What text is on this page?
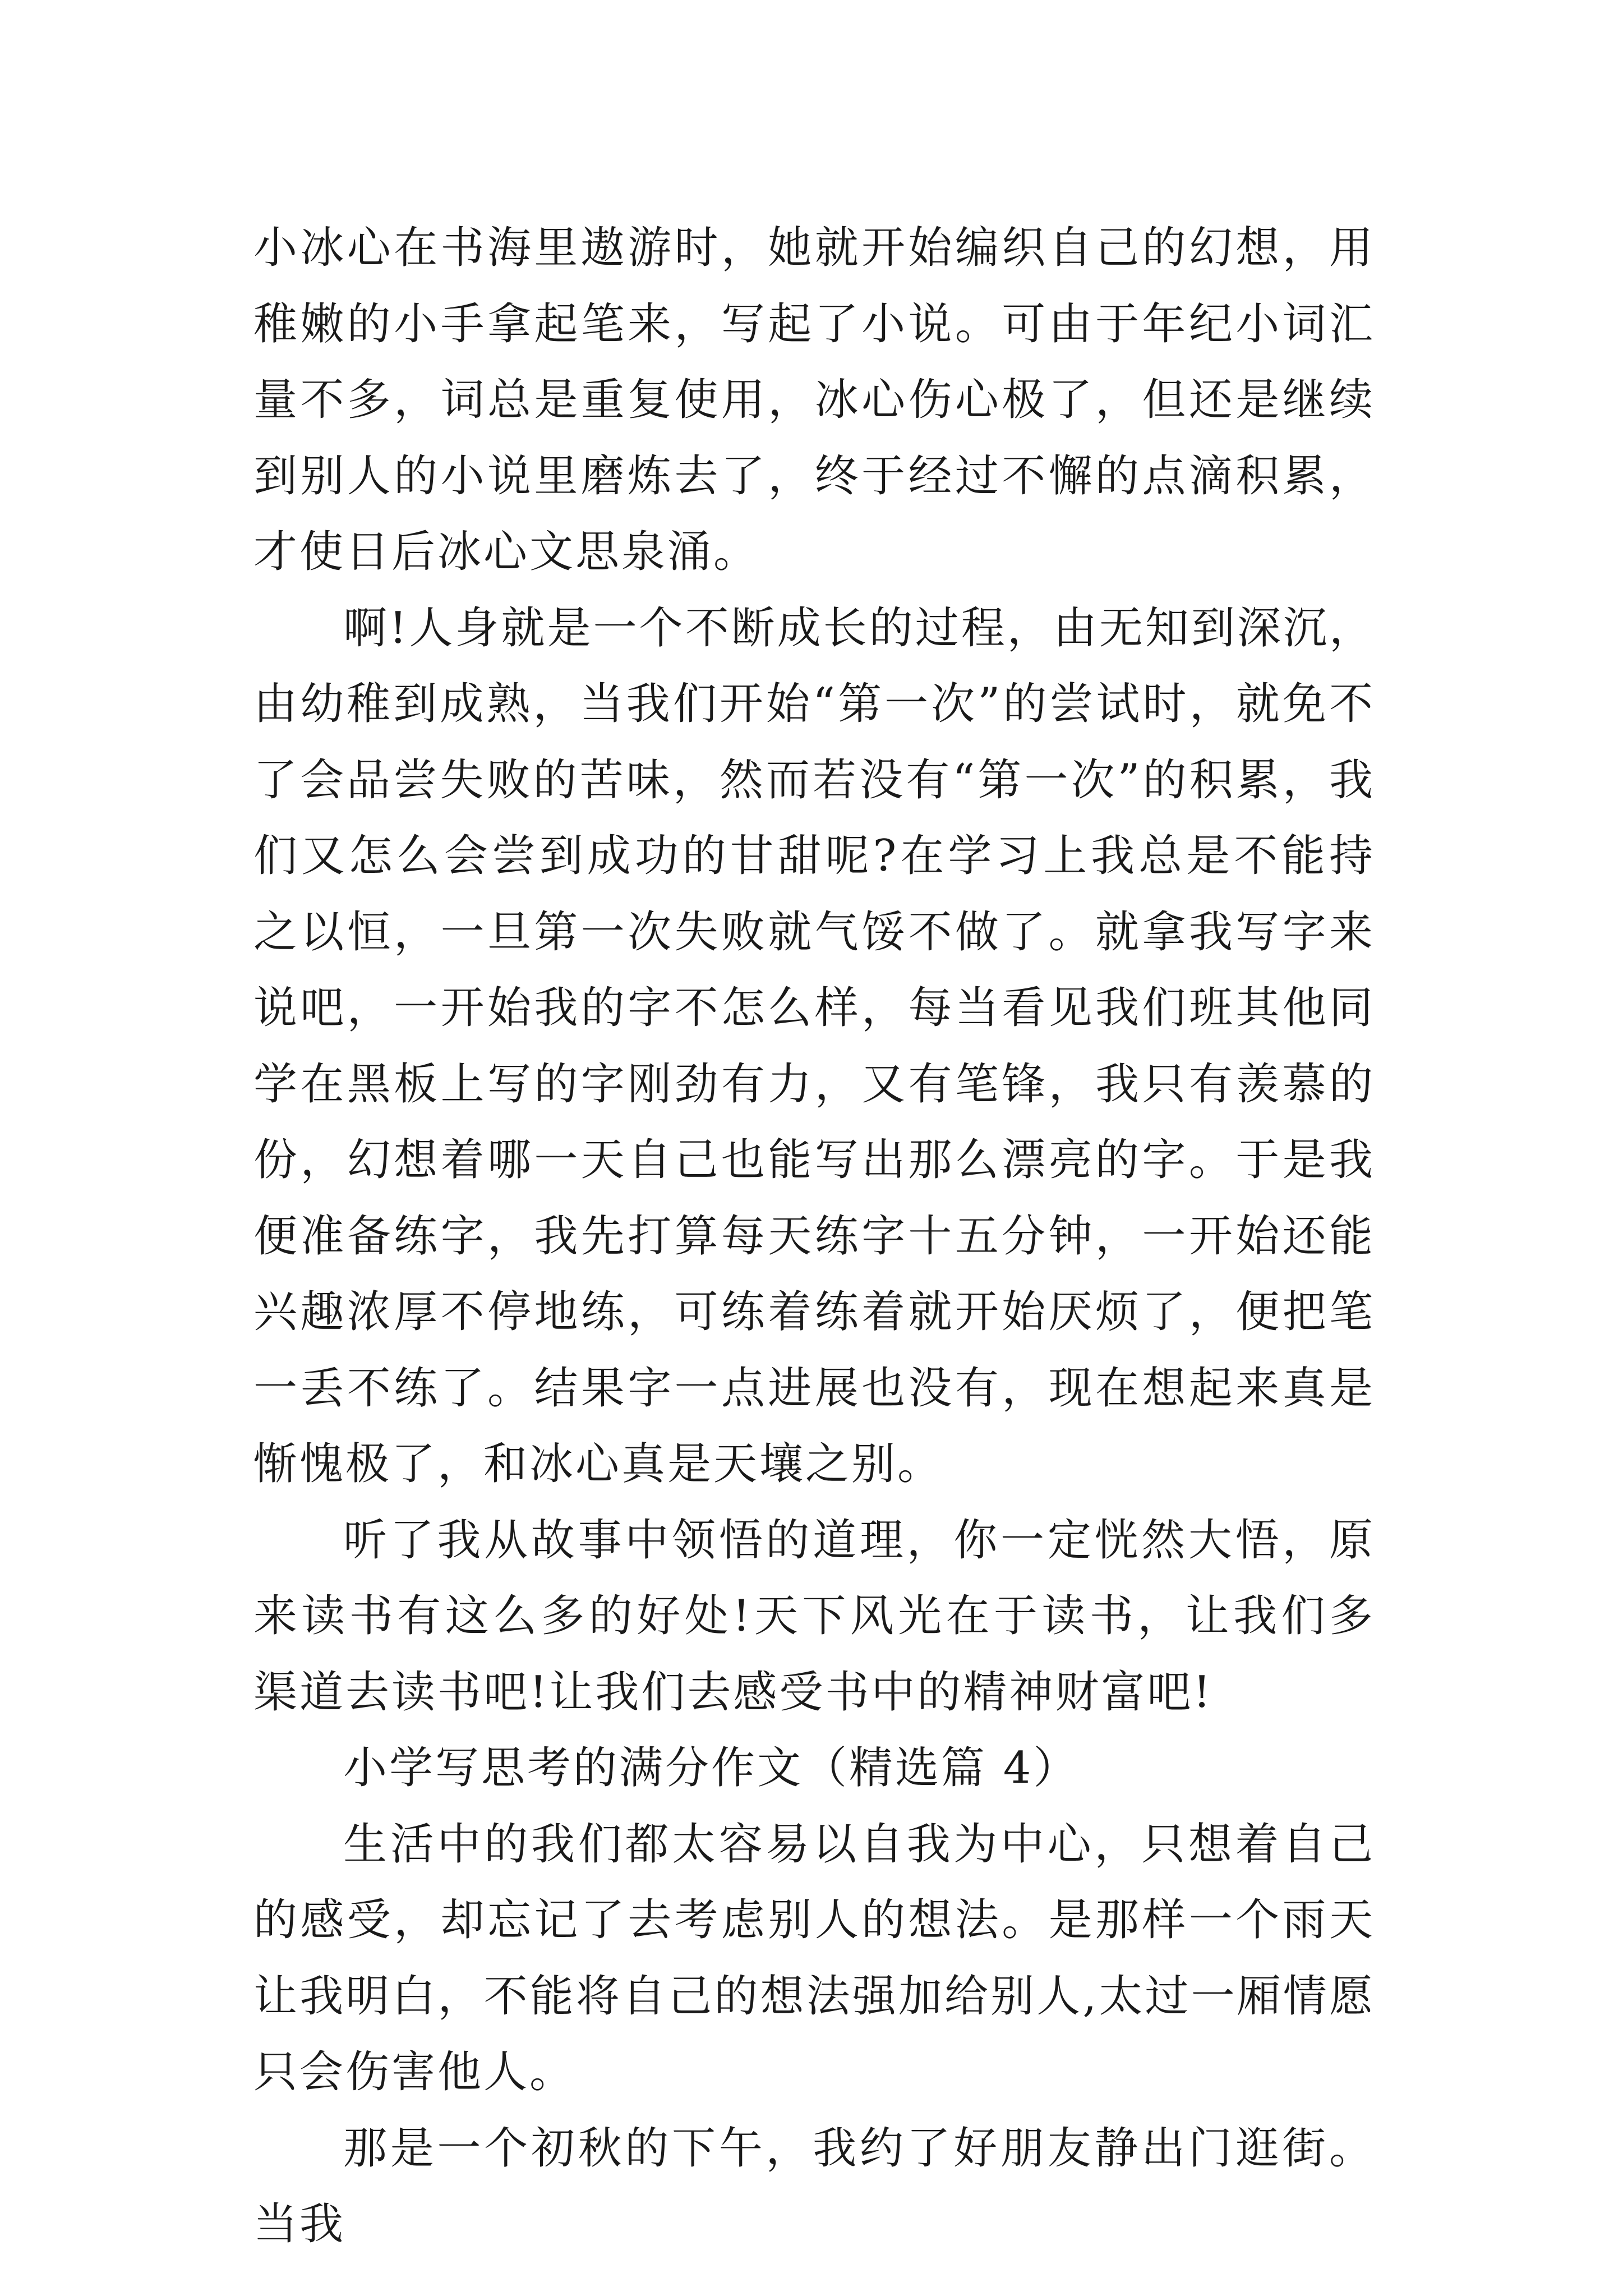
小冰心在书海里遨游时，她就开始编织自己的幻想，用稚嫩的小手拿起笔来，写起了小说。可由于年纪小词汇量不多，词总是重复使用，冰心伤心极了，但还是继续到别人的小说里磨炼去了，终于经过不懈的点滴积累，才使日后冰心文思泉涌。

啊!人身就是一个不断成长的过程，由无知到深沉，由幼稚到成熟，当我们开始“第一次”的尝试时，就免不了会品尝失败的苦味，然而若没有“第一次”的积累，我们又怎么会尝到成功的甘甜呢?在学习上我总是不能持之以恒，一旦第一次失败就气馁不做了。就拿我写字来说吧，一开始我的字不怎么样，每当看见我们班其他同学在黑板上写的字刚劲有力，又有笔锋，我只有羡慕的份，幻想着哪一天自己也能写出那么漂亮的字。于是我便准备练字，我先打算每天练字十五分钟，一开始还能兴趣浓厚不停地练，可练着练着就开始厌烦了，便把笔一丢不练了。结果字一点进展也没有，现在想起来真是惭愧极了，和冰心真是天壤之别。

听了我从故事中领悟的道理，你一定恍然大悟，原来读书有这么多的好处!天下风光在于读书，让我们多渠道去读书吧!让我们去感受书中的精神财富吧!

小学写思考的满分作文（精选篇 4）

生活中的我们都太容易以自我为中心，只想着自己的感受，却忘记了去考虑别人的想法。是那样一个雨天让我明白，不能将自己的想法强加给别人,太过一厢情愿只会伤害他人。

那是一个初秋的下午，我约了好朋友静出门逛街。当我
